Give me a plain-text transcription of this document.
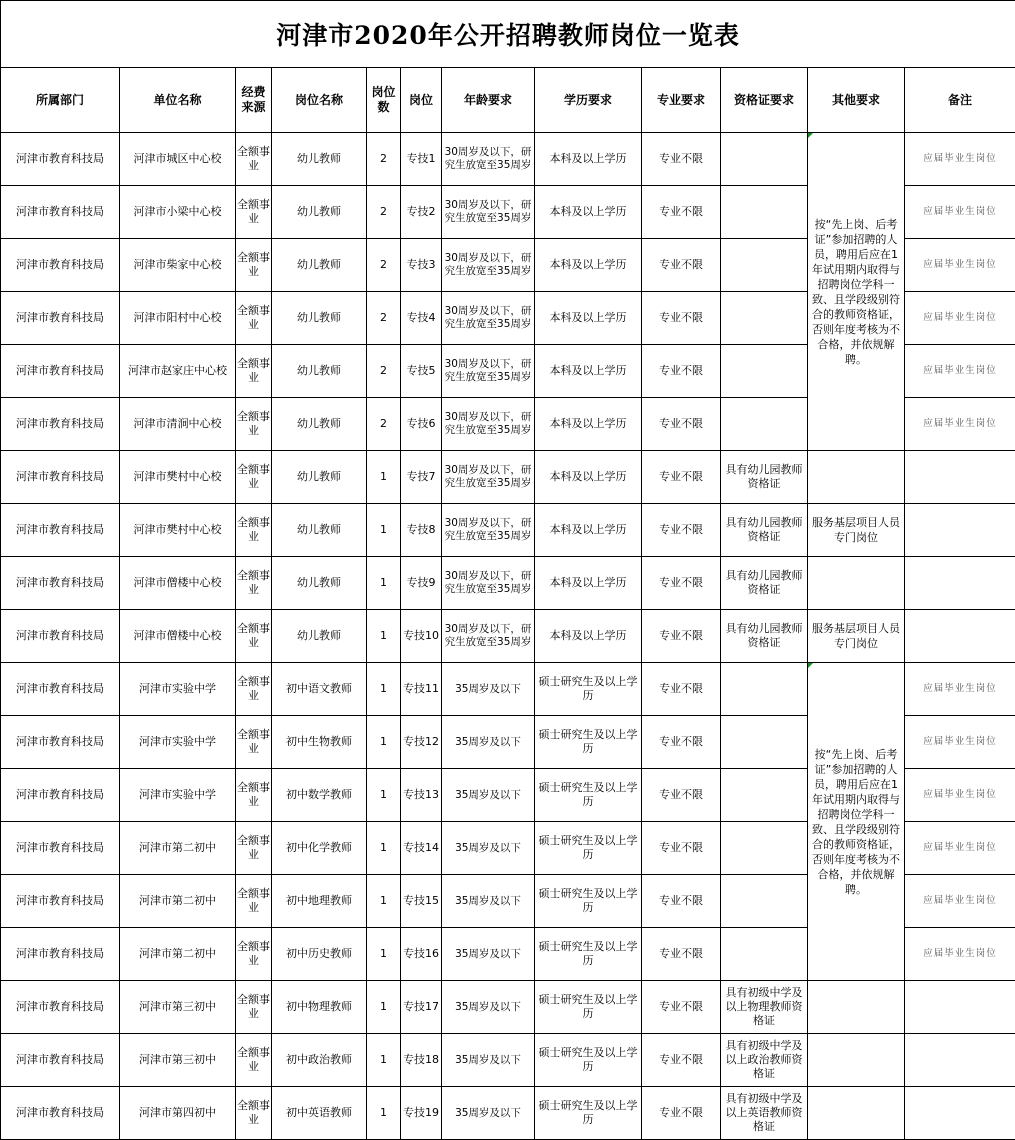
河津市2020年公开招聘教师岗位一览表											
所属部门	单位名称	经费来源	岗位名称	岗位数	岗位	年龄要求	学历要求	专业要求	资格证要求	其他要求	备注
河津市教育科技局	河津市城区中心校	全额事业	幼儿教师	2	专技1	30周岁及以下，研究生放宽至35周岁	本科及以上学历	专业不限		按“先上岗、后考证”参加招聘的人员，聘用后应在1年试用期内取得与招聘岗位学科一致、且学段级别符合的教师资格证，否则年度考核为不合格，并依规解聘。	应届毕业生岗位
河津市教育科技局	河津市小梁中心校	全额事业	幼儿教师	2	专技2	30周岁及以下，研究生放宽至35周岁	本科及以上学历	专业不限			应届毕业生岗位
河津市教育科技局	河津市柴家中心校	全额事业	幼儿教师	2	专技3	30周岁及以下，研究生放宽至35周岁	本科及以上学历	专业不限			应届毕业生岗位
河津市教育科技局	河津市阳村中心校	全额事业	幼儿教师	2	专技4	30周岁及以下，研究生放宽至35周岁	本科及以上学历	专业不限			应届毕业生岗位
河津市教育科技局	河津市赵家庄中心校	全额事业	幼儿教师	2	专技5	30周岁及以下，研究生放宽至35周岁	本科及以上学历	专业不限			应届毕业生岗位
河津市教育科技局	河津市清涧中心校	全额事业	幼儿教师	2	专技6	30周岁及以下，研究生放宽至35周岁	本科及以上学历	专业不限			应届毕业生岗位
河津市教育科技局	河津市樊村中心校	全额事业	幼儿教师	1	专技7	30周岁及以下，研究生放宽至35周岁	本科及以上学历	专业不限	具有幼儿园教师资格证		
河津市教育科技局	河津市樊村中心校	全额事业	幼儿教师	1	专技8	30周岁及以下，研究生放宽至35周岁	本科及以上学历	专业不限	具有幼儿园教师资格证	服务基层项目人员专门岗位	
河津市教育科技局	河津市僧楼中心校	全额事业	幼儿教师	1	专技9	30周岁及以下，研究生放宽至35周岁	本科及以上学历	专业不限	具有幼儿园教师资格证		
河津市教育科技局	河津市僧楼中心校	全额事业	幼儿教师	1	专技10	30周岁及以下，研究生放宽至35周岁	本科及以上学历	专业不限	具有幼儿园教师资格证	服务基层项目人员专门岗位	
河津市教育科技局	河津市实验中学	全额事业	初中语文教师	1	专技11	35周岁及以下	硕士研究生及以上学历	专业不限		按“先上岗、后考证”参加招聘的人员，聘用后应在1年试用期内取得与招聘岗位学科一致、且学段级别符合的教师资格证，否则年度考核为不合格，并依规解聘。	应届毕业生岗位
河津市教育科技局	河津市实验中学	全额事业	初中生物教师	1	专技12	35周岁及以下	硕士研究生及以上学历	专业不限			应届毕业生岗位
河津市教育科技局	河津市实验中学	全额事业	初中数学教师	1	专技13	35周岁及以下	硕士研究生及以上学历	专业不限			应届毕业生岗位
河津市教育科技局	河津市第二初中	全额事业	初中化学教师	1	专技14	35周岁及以下	硕士研究生及以上学历	专业不限			应届毕业生岗位
河津市教育科技局	河津市第二初中	全额事业	初中地理教师	1	专技15	35周岁及以下	硕士研究生及以上学历	专业不限			应届毕业生岗位
河津市教育科技局	河津市第二初中	全额事业	初中历史教师	1	专技16	35周岁及以下	硕士研究生及以上学历	专业不限			应届毕业生岗位
河津市教育科技局	河津市第三初中	全额事业	初中物理教师	1	专技17	35周岁及以下	硕士研究生及以上学历	专业不限	具有初级中学及以上物理教师资格证		
河津市教育科技局	河津市第三初中	全额事业	初中政治教师	1	专技18	35周岁及以下	硕士研究生及以上学历	专业不限	具有初级中学及以上政治教师资格证		
河津市教育科技局	河津市第四初中	全额事业	初中英语教师	1	专技19	35周岁及以下	硕士研究生及以上学历	专业不限	具有初级中学及以上英语教师资格证		
